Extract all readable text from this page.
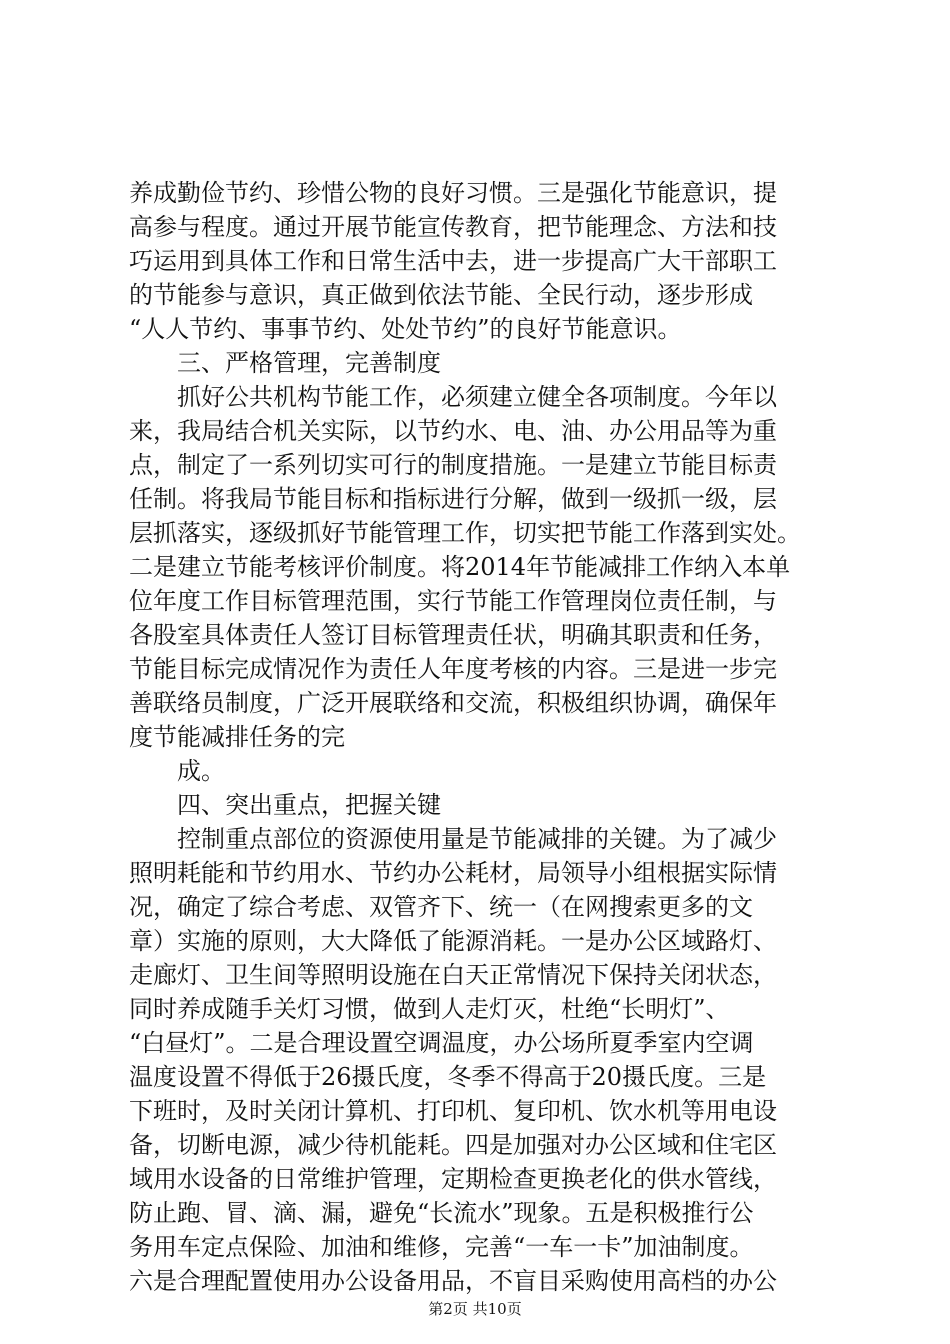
养成勤俭节约、珍惜公物的良好习惯。三是强化节能意识，提
高参与程度。通过开展节能宣传教育，把节能理念、方法和技
巧运用到具体工作和日常生活中去，进一步提高广大干部职工
的节能参与意识，真正做到依法节能、全民行动，逐步形成
“人人节约、事事节约、处处节约”的良好节能意识。
三、严格管理，完善制度
抓好公共机构节能工作，必须建立健全各项制度。今年以
来，我局结合机关实际，以节约水、电、油、办公用品等为重
点，制定了一系列切实可行的制度措施。一是建立节能目标责
任制。将我局节能目标和指标进行分解，做到一级抓一级，层
层抓落实，逐级抓好节能管理工作，切实把节能工作落到实处。
二是建立节能考核评价制度。将2014年节能减排工作纳入本单
位年度工作目标管理范围，实行节能工作管理岗位责任制，与
各股室具体责任人签订目标管理责任状，明确其职责和任务，
节能目标完成情况作为责任人年度考核的内容。三是进一步完
善联络员制度，广泛开展联络和交流，积极组织协调，确保年
度节能减排任务的完
成。
四、突出重点，把握关键
控制重点部位的资源使用量是节能减排的关键。为了减少
照明耗能和节约用水、节约办公耗材，局领导小组根据实际情
况，确定了综合考虑、双管齐下、统一（在网搜索更多的文
章）实施的原则，大大降低了能源消耗。一是办公区域路灯、
走廊灯、卫生间等照明设施在白天正常情况下保持关闭状态，
同时养成随手关灯习惯，做到人走灯灭，杜绝“长明灯”、
“白昼灯”。二是合理设置空调温度，办公场所夏季室内空调
温度设置不得低于26摄氏度，冬季不得高于20摄氏度。三是
下班时，及时关闭计算机、打印机、复印机、饮水机等用电设
备，切断电源，减少待机能耗。四是加强对办公区域和住宅区
域用水设备的日常维护管理，定期检查更换老化的供水管线，
防止跑、冒、滴、漏，避免“长流水”现象。五是积极推行公
务用车定点保险、加油和维修，完善“一车一卡”加油制度。
六是合理配置使用办公设备用品，不盲目采购使用高档的办公
第2页 共10页
